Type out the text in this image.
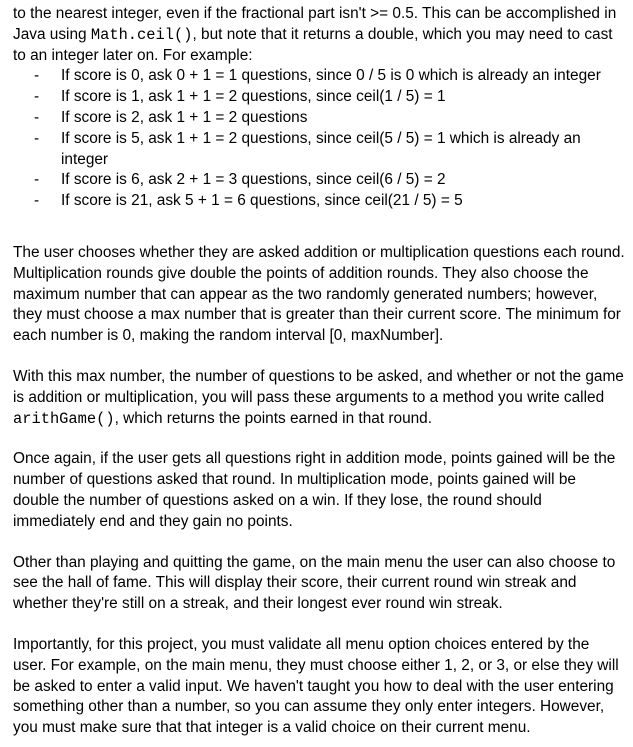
to the nearest integer, even if the fractional part isn't >= 0.5. This can be accomplished in Java using Math.ceil(), but note that it returns a double, which you may need to cast to an integer later on. For example:

- If score is 0, ask 0 + 1 = 1 questions, since 0 / 5 is 0 which is already an integer
- If score is 1, ask 1 + 1 = 2 questions, since ceil(1 / 5) = 1
- If score is 2, ask 1 + 1 = 2 questions
- If score is 5, ask 1 + 1 = 2 questions, since ceil(5 / 5) = 1 which is already an integer
- If score is 6, ask 2 + 1 = 3 questions, since ceil(6 / 5) = 2
- If score is 21, ask 5 + 1 = 6 questions, since ceil(21 / 5) = 5

The user chooses whether they are asked addition or multiplication questions each round. Multiplication rounds give double the points of addition rounds. They also choose the maximum number that can appear as the two randomly generated numbers; however, they must choose a max number that is greater than their current score. The minimum for each number is 0, making the random interval [0, maxNumber].

With this max number, the number of questions to be asked, and whether or not the game is addition or multiplication, you will pass these arguments to a method you write called arithGame(), which returns the points earned in that round.

Once again, if the user gets all questions right in addition mode, points gained will be the number of questions asked that round. In multiplication mode, points gained will be double the number of questions asked on a win. If they lose, the round should immediately end and they gain no points.

Other than playing and quitting the game, on the main menu the user can also choose to see the hall of fame. This will display their score, their current round win streak and whether they're still on a streak, and their longest ever round win streak.

Importantly, for this project, you must validate all menu option choices entered by the user. For example, on the main menu, they must choose either 1, 2, or 3, or else they will be asked to enter a valid input. We haven't taught you how to deal with the user entering something other than a number, so you can assume they only enter integers. However, you must make sure that that integer is a valid choice on their current menu.
